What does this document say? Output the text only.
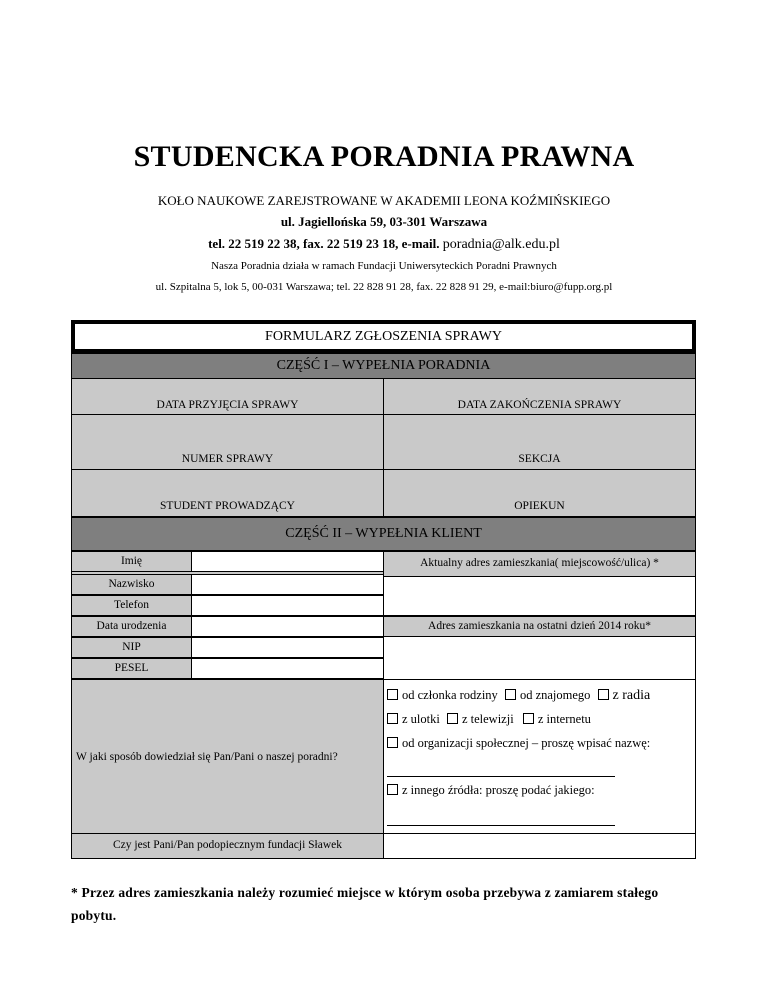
STUDENCKA PORADNIA PRAWNA
KOŁO NAUKOWE ZAREJSTROWANE W AKADEMII LEONA KOŹMIŃSKIEGO
ul. Jagiellońska 59, 03-301 Warszawa
tel. 22 519 22 38, fax. 22 519 23 18, e-mail. poradnia@alk.edu.pl
Nasza Poradnia działa w ramach Fundacji Uniwersyteckich Poradni Prawnych
ul. Szpitalna 5, lok 5, 00-031 Warszawa; tel. 22 828 91 28, fax. 22 828 91 29, e-mail:biuro@fupp.org.pl
FORMULARZ ZGŁOSZENIA SPRAWY
CZĘŚĆ I – WYPEŁNIA PORADNIA
DATA PRZYJĘCIA SPRAWY	DATA ZAKOŃCZENIA SPRAWY
NUMER SPRAWY	SEKCJA
STUDENT PROWADZĄCY	OPIEKUN
CZĘŚĆ II – WYPEŁNIA KLIENT
Imię
Nazwisko
Telefon
Data urodzenia
NIP
PESEL
Aktualny adres zamieszkania( miejscowość/ulica) *
Adres zamieszkania na ostatni dzień 2014 roku*
W jaki sposób dowiedział się Pan/Pani o naszej poradni?
od członka rodziny od znajomego z radia
z ulotki z telewizji z internetu
od organizacji społecznej – proszę wpisać nazwę:
z innego źródła: proszę podać jakiego:
Czy jest Pani/Pan podopiecznym fundacji Sławek
* Przez adres zamieszkania należy rozumieć miejsce w którym osoba przebywa z zamiarem stałego pobytu.
